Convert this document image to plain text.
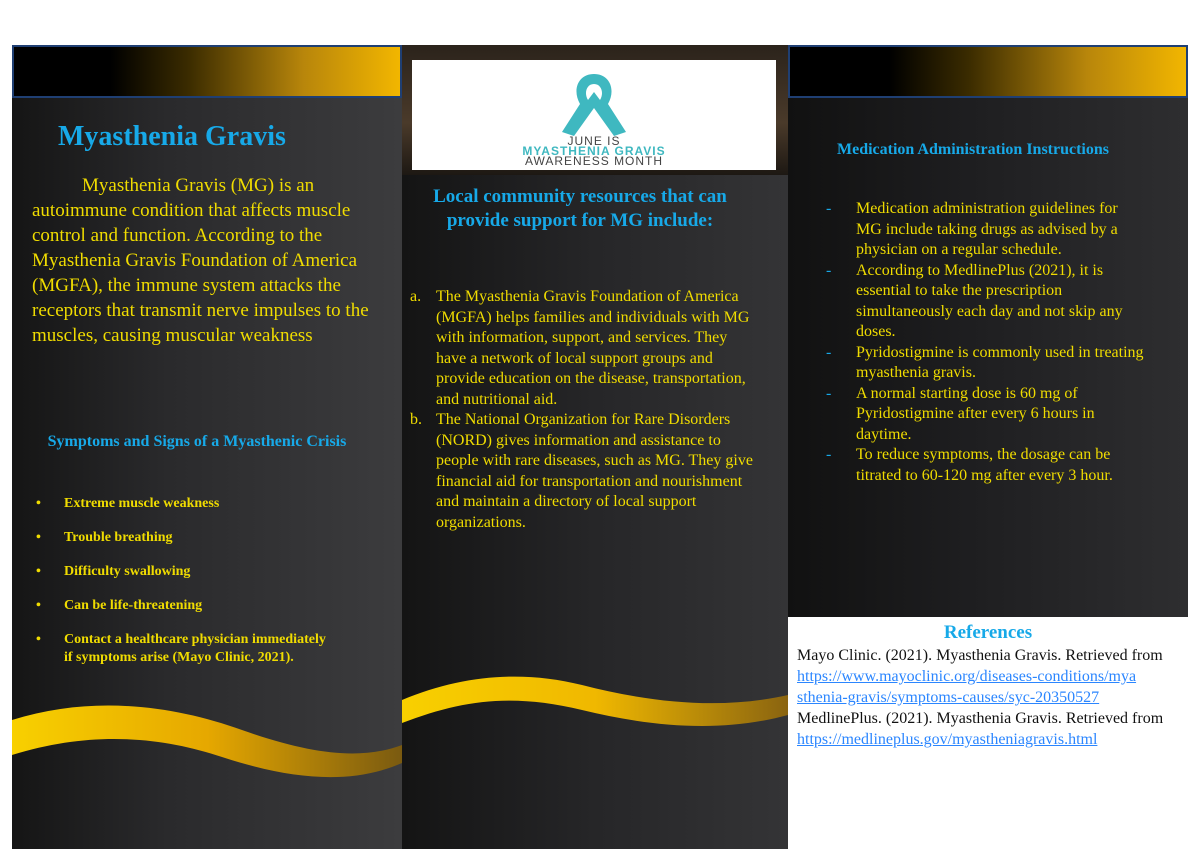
Myasthenia Gravis

Myasthenia Gravis (MG) is an autoimmune condition that affects muscle control and function. According to the Myasthenia Gravis Foundation of America (MGFA), the immune system attacks the receptors that transmit nerve impulses to the muscles, causing muscular weakness

Symptoms and Signs of a Myasthenic Crisis
•	Extreme muscle weakness
•	Trouble breathing
•	Difficulty swallowing
•	Can be life-threatening
•	Contact a healthcare physician immediately if symptoms arise (Mayo Clinic, 2021).
JUNE IS
MYASTHENIA GRAVIS
AWARENESS MONTH
Local community resources that can provide support for MG include:
a. The Myasthenia Gravis Foundation of America (MGFA) helps families and individuals with MG with information, support, and services. They have a network of local support groups and provide education on the disease, transportation, and nutritional aid.
b. The National Organization for Rare Disorders (NORD) gives information and assistance to people with rare diseases, such as MG. They give financial aid for transportation and nourishment and maintain a directory of local support organizations.
Medication Administration Instructions
-	Medication administration guidelines for MG include taking drugs as advised by a physician on a regular schedule.
-	According to MedlinePlus (2021), it is essential to take the prescription simultaneously each day and not skip any doses.
-	Pyridostigmine is commonly used in treating myasthenia gravis.
-	A normal starting dose is 60 mg of Pyridostigmine after every 6 hours in daytime.
-	To reduce symptoms, the dosage can be titrated to 60-120 mg after every 3 hour.
References
Mayo Clinic. (2021). Myasthenia Gravis. Retrieved from
https://www.mayoclinic.org/diseases-conditions/myasthenia-gravis/symptoms-causes/syc-20350527
MedlinePlus. (2021). Myasthenia Gravis. Retrieved from
https://medlineplus.gov/myastheniagravis.html
